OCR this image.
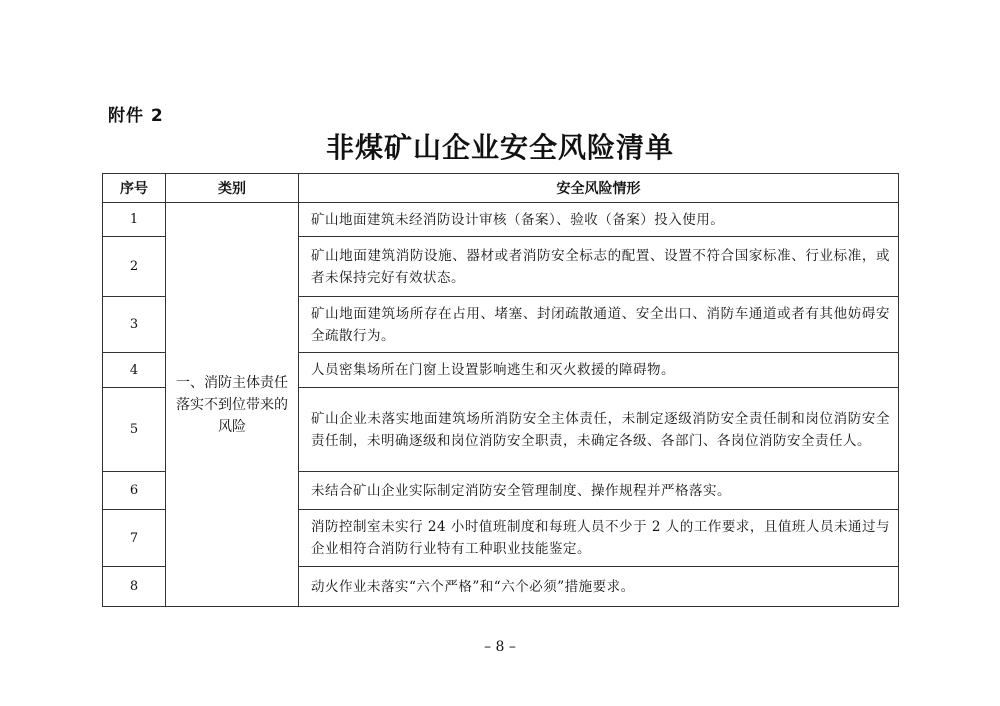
附件 2
非煤矿山企业安全风险清单
序号	类别	安全风险情形
1	一、消防主体责任落实不到位带来的风险	矿山地面建筑未经消防设计审核（备案）、验收（备案）投入使用。
2		矿山地面建筑消防设施、器材或者消防安全标志的配置、设置不符合国家标准、行业标准，或者未保持完好有效状态。
3		矿山地面建筑场所存在占用、堵塞、封闭疏散通道、安全出口、消防车通道或者有其他妨碍安全疏散行为。
4		人员密集场所在门窗上设置影响逃生和灭火救援的障碍物。
5		矿山企业未落实地面建筑场所消防安全主体责任，未制定逐级消防安全责任制和岗位消防安全责任制，未明确逐级和岗位消防安全职责，未确定各级、各部门、各岗位消防安全责任人。
6		未结合矿山企业实际制定消防安全管理制度、操作规程并严格落实。
7		消防控制室未实行 24 小时值班制度和每班人员不少于 2 人的工作要求，且值班人员未通过与企业相符合消防行业特有工种职业技能鉴定。
8		动火作业未落实“六个严格”和“六个必须”措施要求。
– 8 –
